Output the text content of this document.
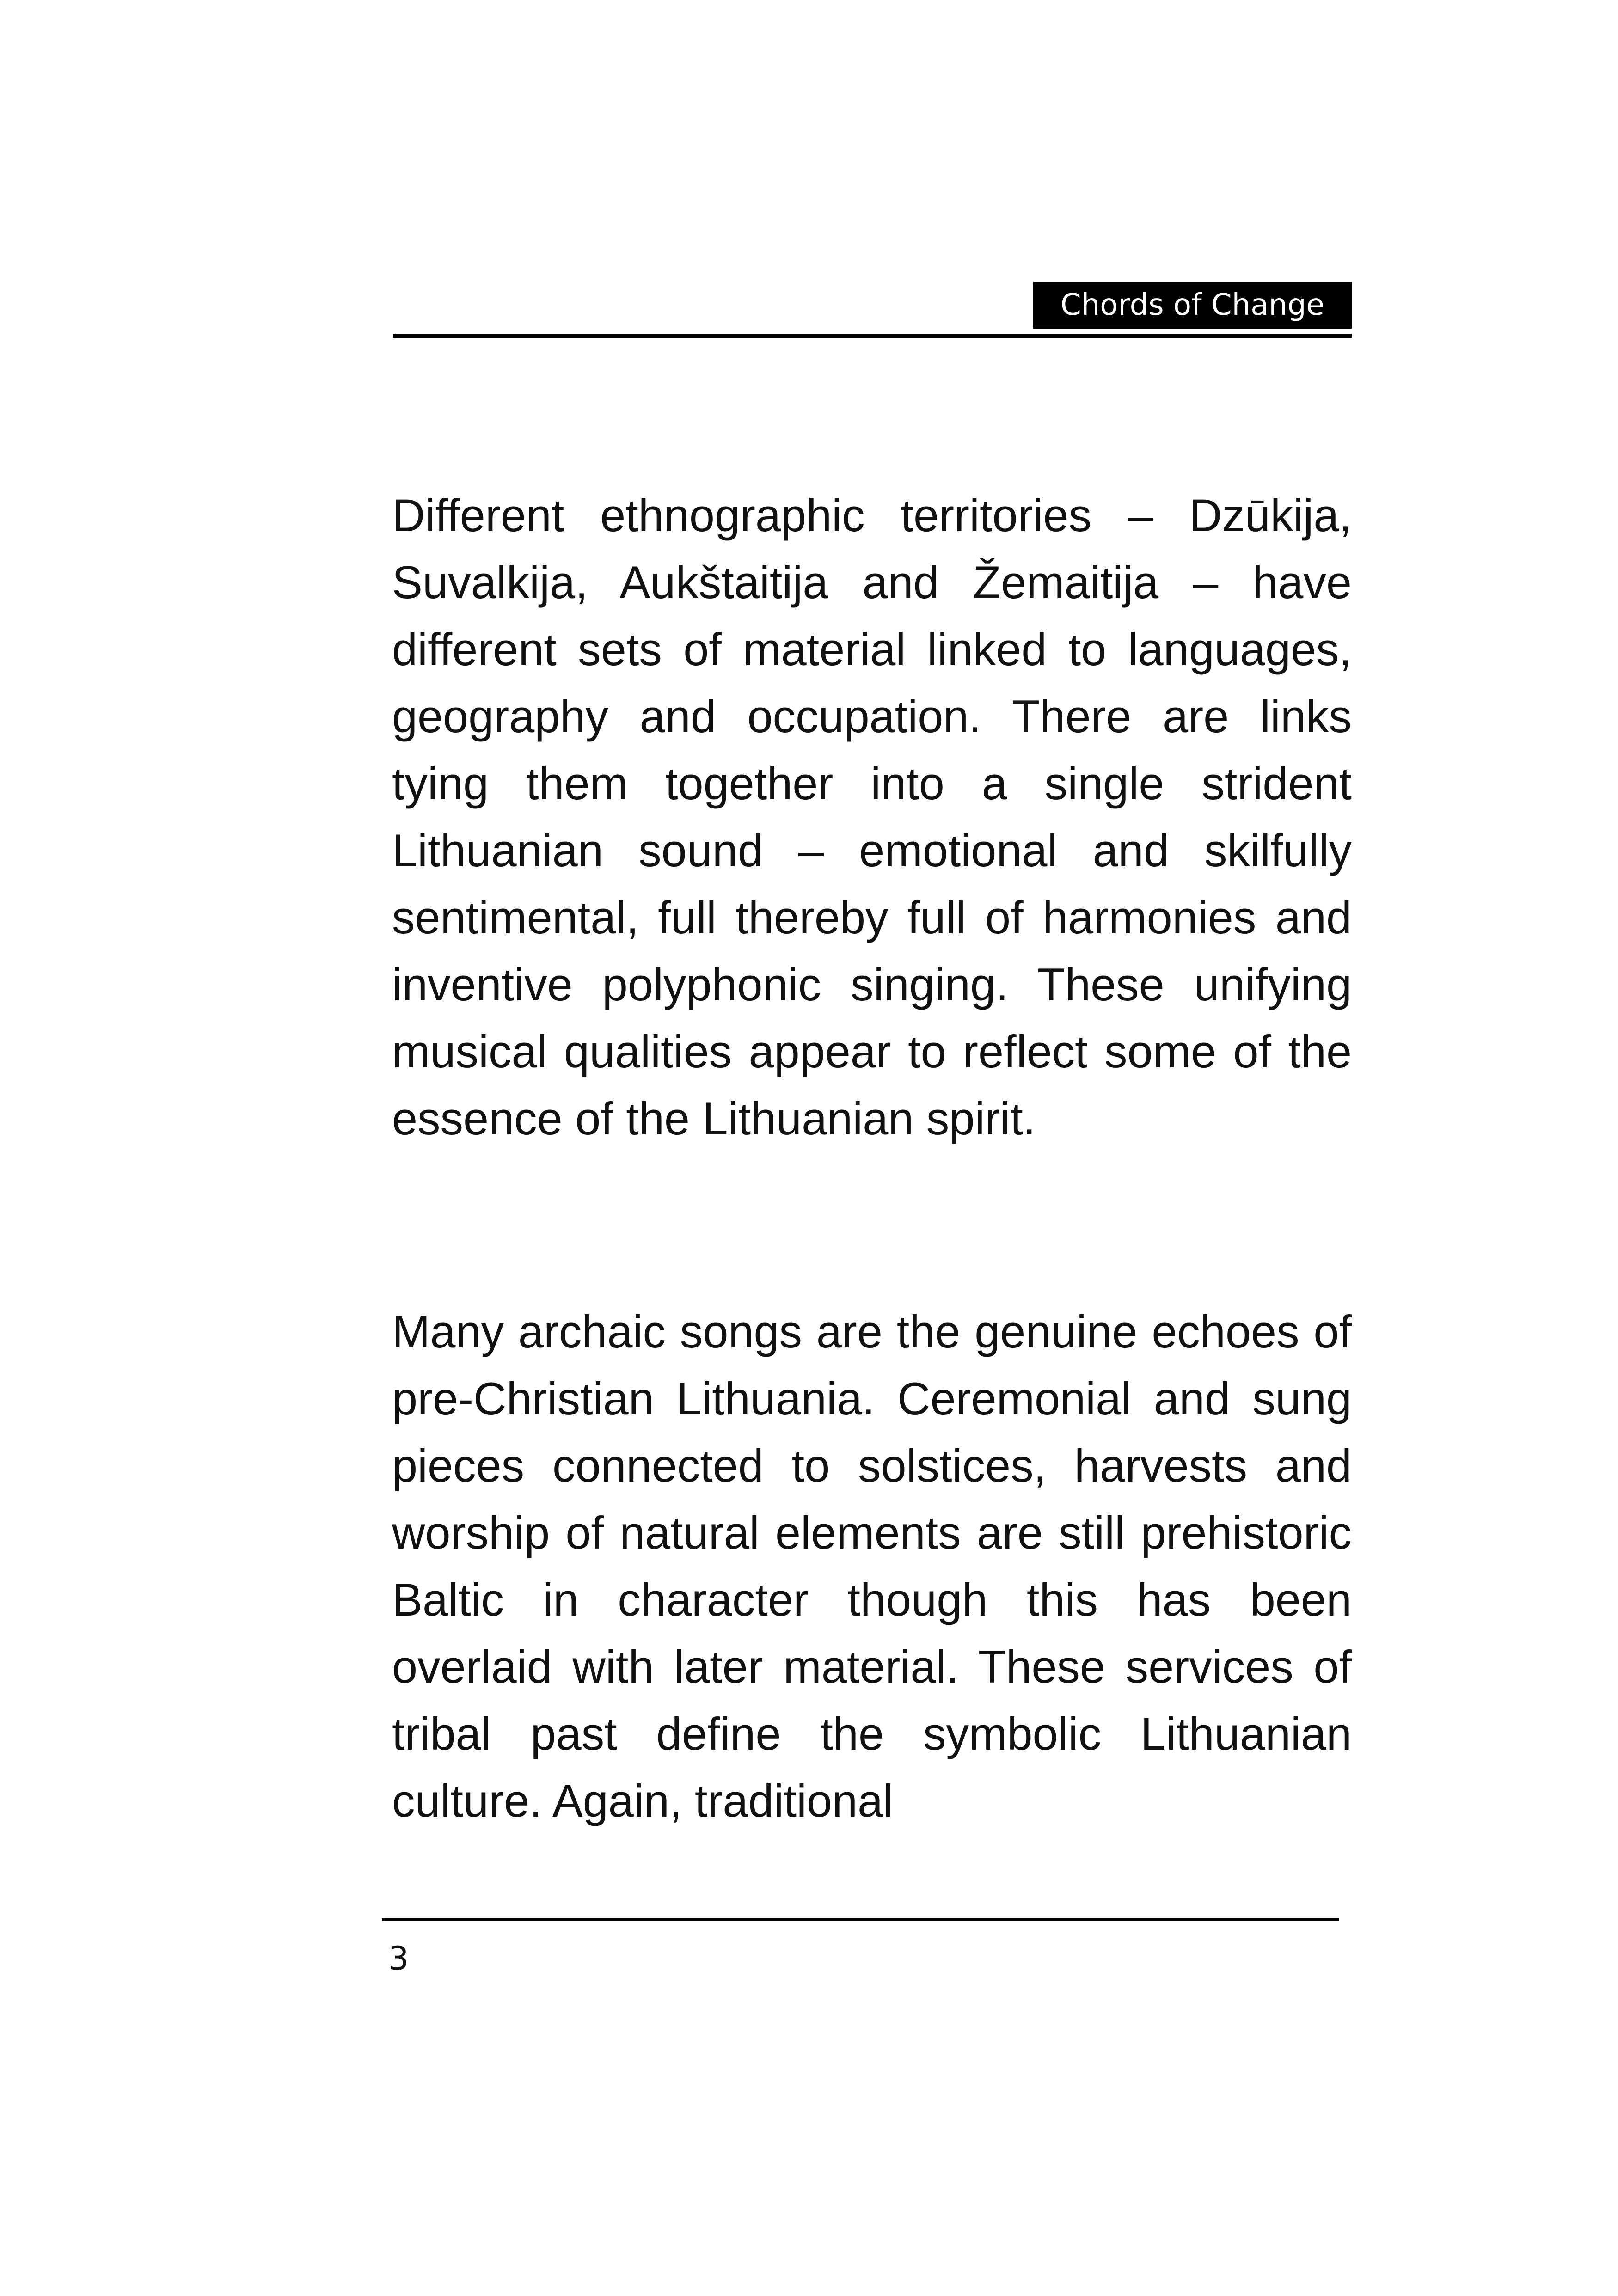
Chords of Change

Different ethnographic territories – Dzūkija, Suvalkija, Aukštaitija and Žemaitija – have different sets of material linked to languages, geography and occupation. There are links tying them together into a single strident Lithuanian sound – emotional and skilfully sentimental, full thereby full of harmonies and inventive polyphonic singing. These unifying musical qualities appear to reflect some of the essence of the Lithuanian spirit.

Many archaic songs are the genuine echoes of pre-Christian Lithuania. Ceremonial and sung pieces connected to solstices, harvests and worship of natural elements are still prehistoric Baltic in character though this has been overlaid with later material. These services of tribal past define the symbolic Lithuanian culture. Again, traditional

3
